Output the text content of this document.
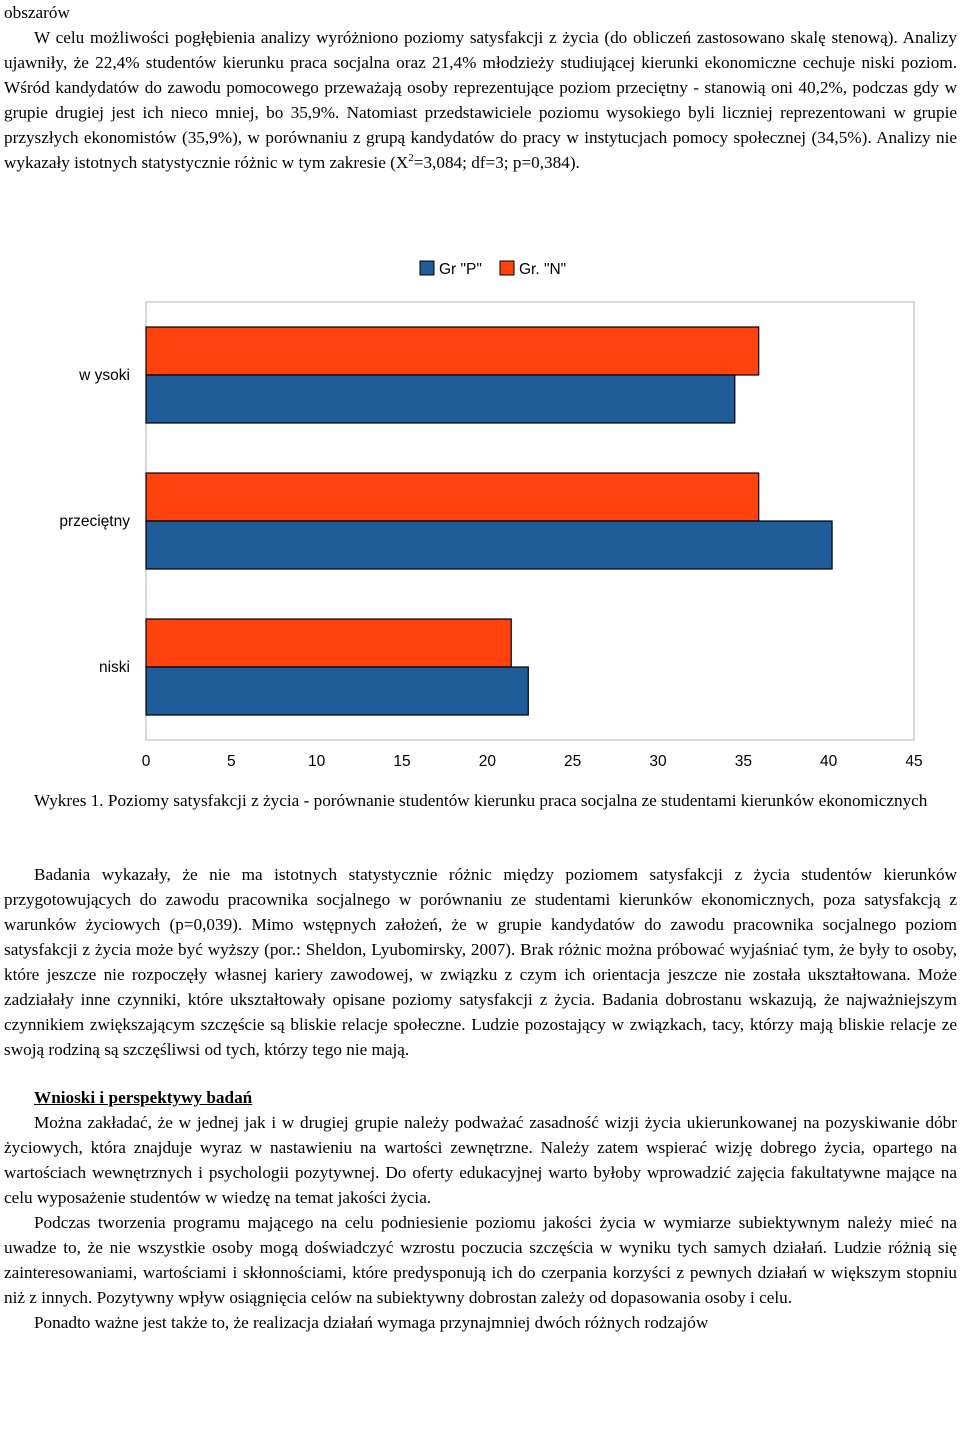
obszarów

W celu możliwości pogłębienia analizy wyróżniono poziomy satysfakcji z życia (do obliczeń zastosowano skalę stenową). Analizy ujawniły, że 22,4% studentów kierunku praca socjalna oraz 21,4% młodzieży studiującej kierunki ekonomiczne cechuje niski poziom. Wśród kandydatów do zawodu pomocowego przeważają osoby reprezentujące poziom przeciętny - stanowią oni 40,2%, podczas gdy w grupie drugiej jest ich nieco mniej, bo 35,9%. Natomiast przedstawiciele poziomu wysokiego byli liczniej reprezentowani w grupie przyszłych ekonomistów (35,9%), w porównaniu z grupą kandydatów do pracy w instytucjach pomocy społecznej (34,5%). Analizy nie wykazały istotnych statystycznie różnic w tym zakresie ($X^2=3,084$; df=3; p=0,384).

Gr "P" Gr. "N"
w ysoki
przeciętny
niski
0	5	10	15	20	25	30	35	40	45

Wykres 1. Poziomy satysfakcji z życia - porównanie studentów kierunku praca socjalna ze studentami kierunków ekonomicznych

Badania wykazały, że nie ma istotnych statystycznie różnic między poziomem satysfakcji z życia studentów kierunków przygotowujących do zawodu pracownika socjalnego w porównaniu ze studentami kierunków ekonomicznych, poza satysfakcją z warunków życiowych (p=0,039). Mimo wstępnych założeń, że w grupie kandydatów do zawodu pracownika socjalnego poziom satysfakcji z życia może być wyższy (por.: Sheldon, Lyubomirsky, 2007). Brak różnic można próbować wyjaśniać tym, że były to osoby, które jeszcze nie rozpoczęły własnej kariery zawodowej, w związku z czym ich orientacja jeszcze nie została ukształtowana. Może zadziałały inne czynniki, które ukształtowały opisane poziomy satysfakcji z życia. Badania dobrostanu wskazują, że najważniejszym czynnikiem zwiększającym szczęście są bliskie relacje społeczne. Ludzie pozostający w związkach, tacy, którzy mają bliskie relacje ze swoją rodziną są szczęśliwsi od tych, którzy tego nie mają.

Wnioski i perspektywy badań

Można zakładać, że w jednej jak i w drugiej grupie należy podważać zasadność wizji życia ukierunkowanej na pozyskiwanie dóbr życiowych, która znajduje wyraz w nastawieniu na wartości zewnętrzne. Należy zatem wspierać wizję dobrego życia, opartego na wartościach wewnętrznych i psychologii pozytywnej. Do oferty edukacyjnej warto byłoby wprowadzić zajęcia fakultatywne mające na celu wyposażenie studentów w wiedzę na temat jakości życia.

Podczas tworzenia programu mającego na celu podniesienie poziomu jakości życia w wymiarze subiektywnym należy mieć na uwadze to, że nie wszystkie osoby mogą doświadczyć wzrostu poczucia szczęścia w wyniku tych samych działań. Ludzie różnią się zainteresowaniami, wartościami i skłonnościami, które predysponują ich do czerpania korzyści z pewnych działań w większym stopniu niż z innych. Pozytywny wpływ osiągnięcia celów na subiektywny dobrostan zależy od dopasowania osoby i celu.

Ponadto ważne jest także to, że realizacja działań wymaga przynajmniej dwóch różnych rodzajów
